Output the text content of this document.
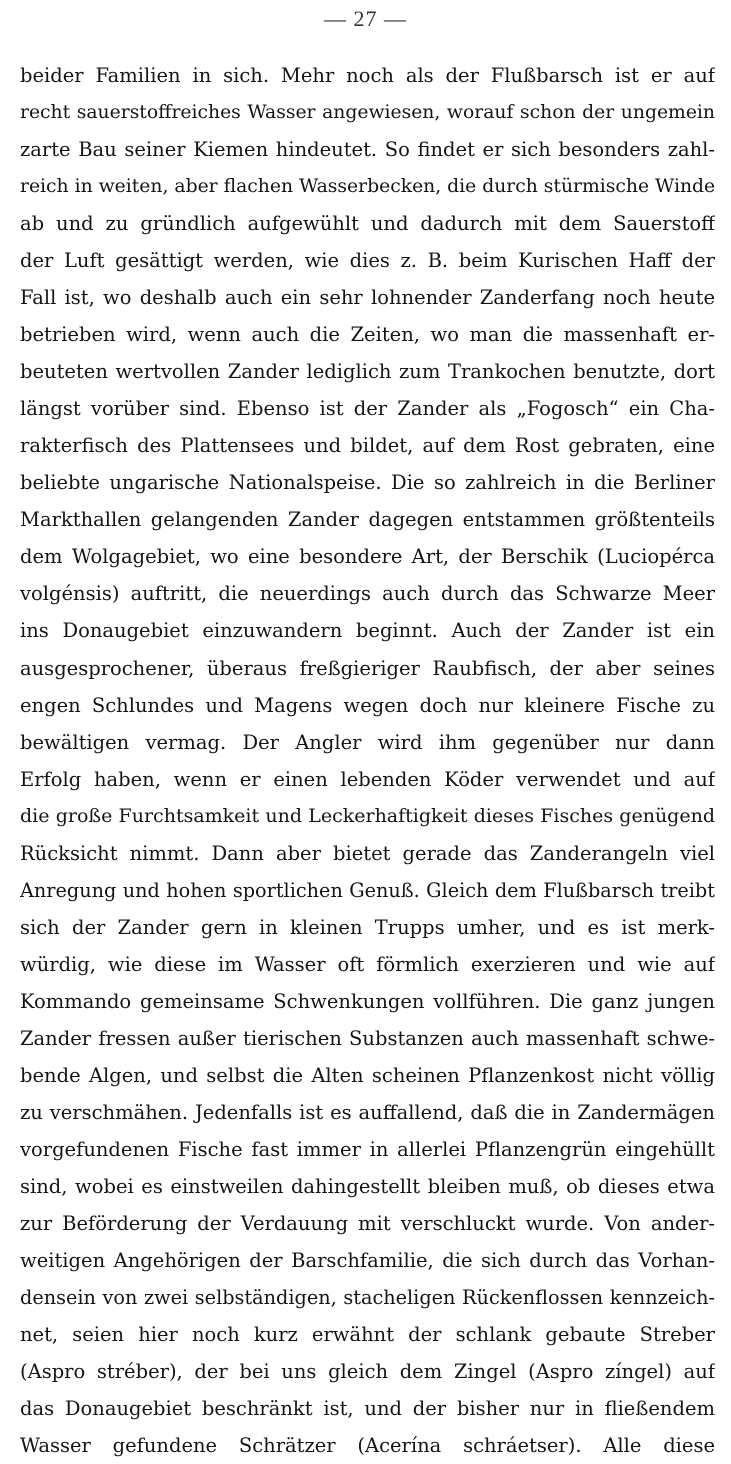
— 27 —
beider Familien in sich. Mehr noch als der Flußbarsch ist er auf
recht sauerstoffreiches Wasser angewiesen, worauf schon der ungemein
zarte Bau seiner Kiemen hindeutet. So findet er sich besonders zahl-
reich in weiten, aber flachen Wasserbecken, die durch stürmische Winde
ab und zu gründlich aufgewühlt und dadurch mit dem Sauerstoff
der Luft gesättigt werden, wie dies z. B. beim Kurischen Haff der
Fall ist, wo deshalb auch ein sehr lohnender Zanderfang noch heute
betrieben wird, wenn auch die Zeiten, wo man die massenhaft er-
beuteten wertvollen Zander lediglich zum Trankochen benutzte, dort
längst vorüber sind. Ebenso ist der Zander als „Fogosch“ ein Cha-
rakterfisch des Plattensees und bildet, auf dem Rost gebraten, eine
beliebte ungarische Nationalspeise. Die so zahlreich in die Berliner
Markthallen gelangenden Zander dagegen entstammen größtenteils
dem Wolgagebiet, wo eine besondere Art, der Berschik (Luciopérca
volgénsis) auftritt, die neuerdings auch durch das Schwarze Meer
ins Donaugebiet einzuwandern beginnt. Auch der Zander ist ein
ausgesprochener, überaus freßgieriger Raubfisch, der aber seines
engen Schlundes und Magens wegen doch nur kleinere Fische zu
bewältigen vermag. Der Angler wird ihm gegenüber nur dann
Erfolg haben, wenn er einen lebenden Köder verwendet und auf
die große Furchtsamkeit und Leckerhaftigkeit dieses Fisches genügend
Rücksicht nimmt. Dann aber bietet gerade das Zanderangeln viel
Anregung und hohen sportlichen Genuß. Gleich dem Flußbarsch treibt
sich der Zander gern in kleinen Trupps umher, und es ist merk-
würdig, wie diese im Wasser oft förmlich exerzieren und wie auf
Kommando gemeinsame Schwenkungen vollführen. Die ganz jungen
Zander fressen außer tierischen Substanzen auch massenhaft schwe-
bende Algen, und selbst die Alten scheinen Pflanzenkost nicht völlig
zu verschmähen. Jedenfalls ist es auffallend, daß die in Zandermägen
vorgefundenen Fische fast immer in allerlei Pflanzengrün eingehüllt
sind, wobei es einstweilen dahingestellt bleiben muß, ob dieses etwa
zur Beförderung der Verdauung mit verschluckt wurde. Von ander-
weitigen Angehörigen der Barschfamilie, die sich durch das Vorhan-
densein von zwei selbständigen, stacheligen Rückenflossen kennzeich-
net, seien hier noch kurz erwähnt der schlank gebaute Streber
(Aspro stréber), der bei uns gleich dem Zingel (Aspro zíngel) auf
das Donaugebiet beschränkt ist, und der bisher nur in fließendem
Wasser gefundene Schrätzer (Acerína schráetser). Alle diese
